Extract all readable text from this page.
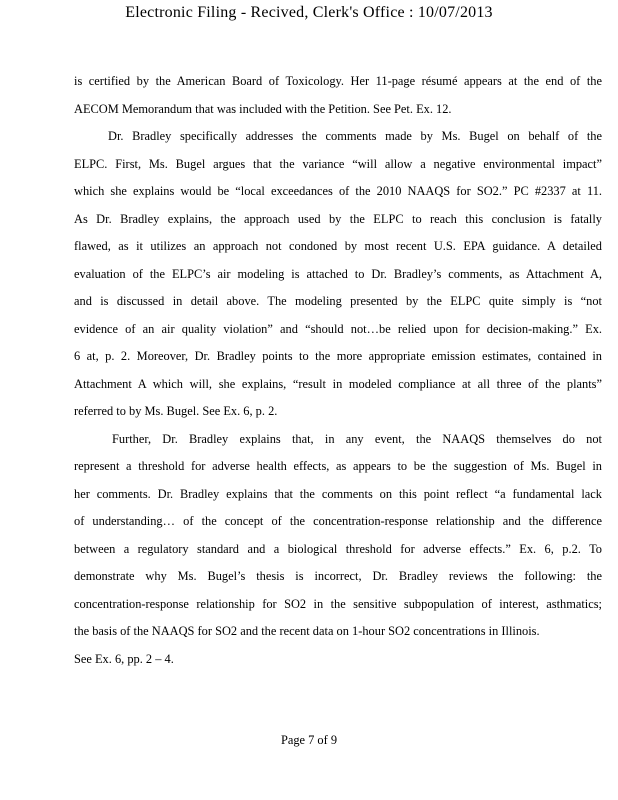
Electronic Filing - Recived, Clerk's Office : 10/07/2013

is certified by the American Board of Toxicology. Her 11-page résumé appears at the end of the
AECOM Memorandum that was included with the Petition. See Pet. Ex. 12.

Dr. Bradley specifically addresses the comments made by Ms. Bugel on behalf of the
ELPC. First, Ms. Bugel argues that the variance “will allow a negative environmental impact”
which she explains would be “local exceedances of the 2010 NAAQS for SO2.” PC #2337 at 11.
As Dr. Bradley explains, the approach used by the ELPC to reach this conclusion is fatally
flawed, as it utilizes an approach not condoned by most recent U.S. EPA guidance. A detailed
evaluation of the ELPC’s air modeling is attached to Dr. Bradley’s comments, as Attachment A,
and is discussed in detail above. The modeling presented by the ELPC quite simply is “not
evidence of an air quality violation” and “should not…be relied upon for decision-making.” Ex.
6 at, p. 2. Moreover, Dr. Bradley points to the more appropriate emission estimates, contained in
Attachment A which will, she explains, “result in modeled compliance at all three of the plants”
referred to by Ms. Bugel. See Ex. 6, p. 2.

Further, Dr. Bradley explains that, in any event, the NAAQS themselves do not
represent a threshold for adverse health effects, as appears to be the suggestion of Ms. Bugel in
her comments. Dr. Bradley explains that the comments on this point reflect “a fundamental lack
of understanding… of the concept of the concentration-response relationship and the difference
between a regulatory standard and a biological threshold for adverse effects.” Ex. 6, p.2. To
demonstrate why Ms. Bugel’s thesis is incorrect, Dr. Bradley reviews the following: the
concentration-response relationship for SO2 in the sensitive subpopulation of interest, asthmatics;
the basis of the NAAQS for SO2 and the recent data on 1-hour SO2 concentrations in Illinois.
See Ex. 6, pp. 2 – 4.

Page 7 of 9
